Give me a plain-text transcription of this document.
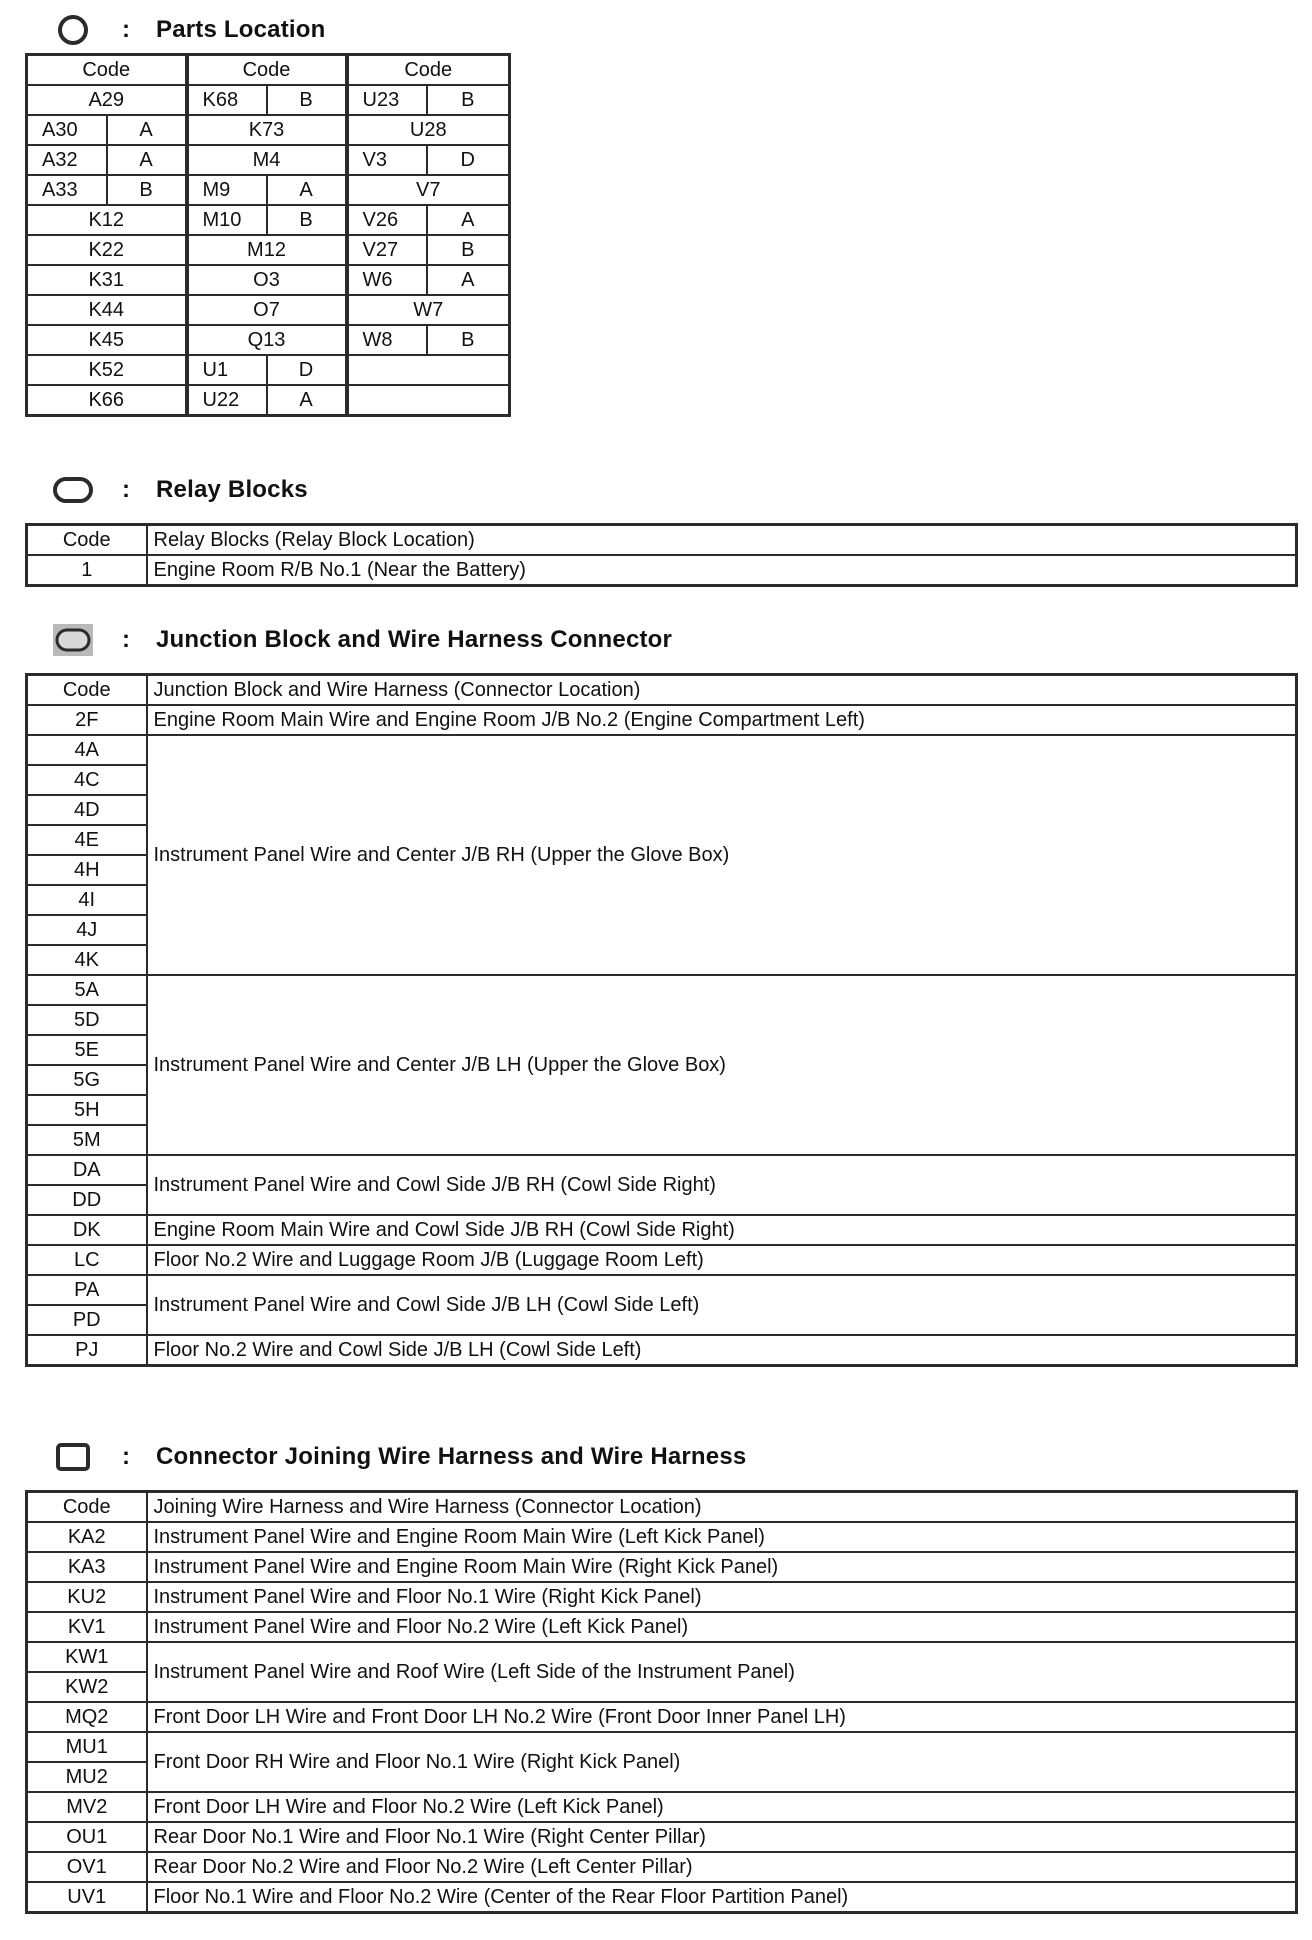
:	Parts Location
Code		Code		Code	
A29		K68	B	U23	B
A30	A	K73		U28	
A32	A	M4		V3	D
A33	B	M9	A	V7	
K12		M10	B	V26	A
K22		M12		V27	B
K31		O3		W6	A
K44		O7		W7	
K45		Q13		W8	B
K52		U1	D		
K66		U22	A		
:	Relay Blocks
Code	Relay Blocks (Relay Block Location)
1	Engine Room R/B No.1 (Near the Battery)
:	Junction Block and Wire Harness Connector
Code	Junction Block and Wire Harness (Connector Location)
2F	Engine Room Main Wire and Engine Room J/B No.2 (Engine Compartment Left)
4A	Instrument Panel Wire and Center J/B RH (Upper the Glove Box)
4C	
4D	
4E	
4H	
4I	
4J	
4K	
5A	Instrument Panel Wire and Center J/B LH (Upper the Glove Box)
5D	
5E	
5G	
5H	
5M	
DA	Instrument Panel Wire and Cowl Side J/B RH (Cowl Side Right)
DD	
DK	Engine Room Main Wire and Cowl Side J/B RH (Cowl Side Right)
LC	Floor No.2 Wire and Luggage Room J/B (Luggage Room Left)
PA	Instrument Panel Wire and Cowl Side J/B LH (Cowl Side Left)
PD	
PJ	Floor No.2 Wire and Cowl Side J/B LH (Cowl Side Left)
:	Connector Joining Wire Harness and Wire Harness
Code	Joining Wire Harness and Wire Harness (Connector Location)
KA2	Instrument Panel Wire and Engine Room Main Wire (Left Kick Panel)
KA3	Instrument Panel Wire and Engine Room Main Wire (Right Kick Panel)
KU2	Instrument Panel Wire and Floor No.1 Wire (Right Kick Panel)
KV1	Instrument Panel Wire and Floor No.2 Wire (Left Kick Panel)
KW1	Instrument Panel Wire and Roof Wire (Left Side of the Instrument Panel)
KW2	
MQ2	Front Door LH Wire and Front Door LH No.2 Wire (Front Door Inner Panel LH)
MU1	Front Door RH Wire and Floor No.1 Wire (Right Kick Panel)
MU2	
MV2	Front Door LH Wire and Floor No.2 Wire (Left Kick Panel)
OU1	Rear Door No.1 Wire and Floor No.1 Wire (Right Center Pillar)
OV1	Rear Door No.2 Wire and Floor No.2 Wire (Left Center Pillar)
UV1	Floor No.1 Wire and Floor No.2 Wire (Center of the Rear Floor Partition Panel)
